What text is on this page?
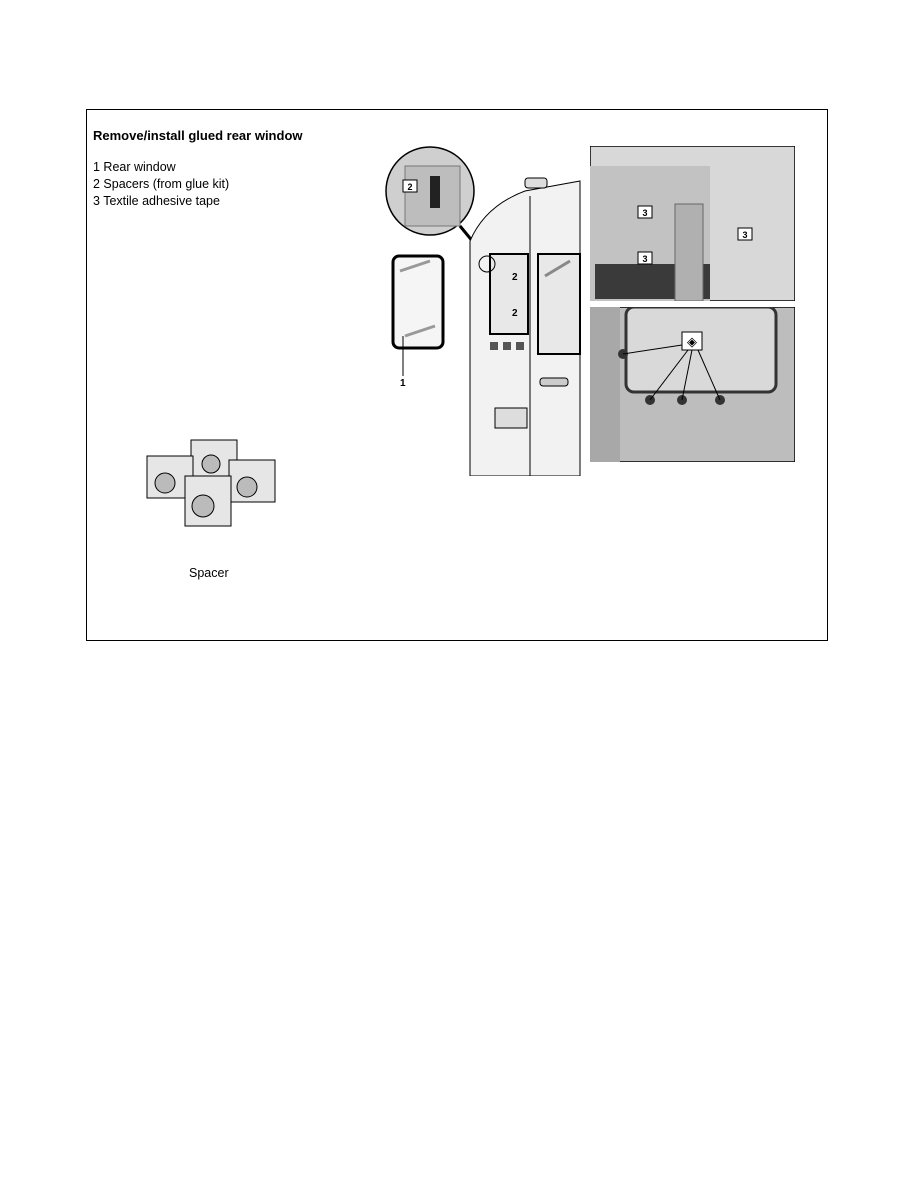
Remove/install glued rear window
1 Rear window
2 Spacers (from glue kit)
3 Textile adhesive tape
2
2
2
1
3
3
3
◈
Spacer
